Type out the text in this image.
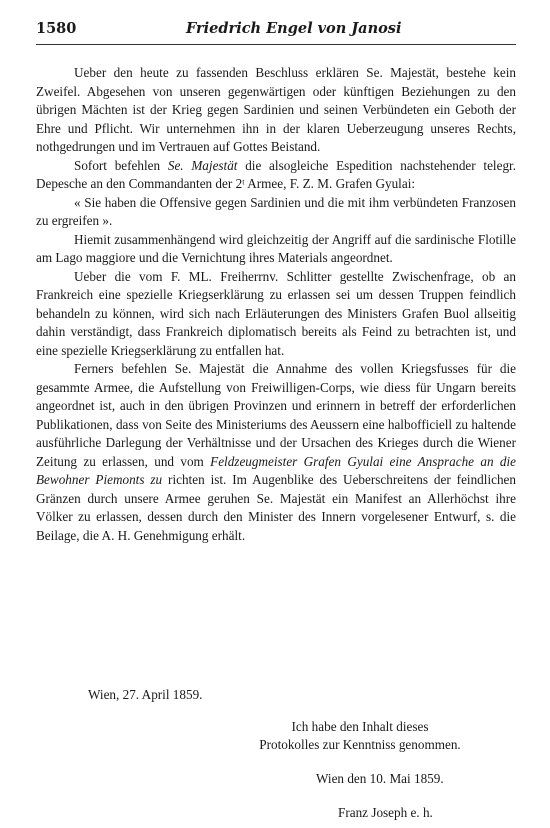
1580	Friedrich Engel von Janosi

Ueber den heute zu fassenden Beschluss erklären Se. Majestät, bestehe kein Zweifel. Abgesehen von unseren gegenwärtigen oder künftigen Beziehungen zu den übrigen Mächten ist der Krieg gegen Sardinien und seinen Verbündeten ein Geboth der Ehre und Pflicht. Wir unternehmen ihn in der klaren Ueberzeugung unseres Rechts, nothgedrungen und im Vertrauen auf Gottes Beistand.

Sofort befehlen Se. Majestät die alsogleiche Espedition nachstehender telegr. Depesche an den Commandanten der 2ᵗ Armee, F. Z. M. Grafen Gyulai:

« Sie haben die Offensive gegen Sardinien und die mit ihm verbündeten Franzosen zu ergreifen ».

Hiemit zusammenhängend wird gleichzeitig der Angriff auf die sardinische Flotille am Lago maggiore und die Vernichtung ihres Materials angeordnet.

Ueber die vom F. ML. Freiherrnv. Schlitter gestellte Zwischenfrage, ob an Frankreich eine spezielle Kriegserklärung zu erlassen sei um dessen Truppen feindlich behandeln zu können, wird sich nach Erläuterungen des Ministers Grafen Buol allseitig dahin verständigt, dass Frankreich diplomatisch bereits als Feind zu betrachten ist, und eine spezielle Kriegserklärung zu entfallen hat.

Ferners befehlen Se. Majestät die Annahme des vollen Kriegsfusses für die gesammte Armee, die Aufstellung von Freiwilligen-Corps, wie diess für Ungarn bereits angeordnet ist, auch in den übrigen Provinzen und erinnern in betreff der erforderlichen Publikationen, dass von Seite des Ministeriums des Aeussern eine halbofficiell zu haltende ausführliche Darlegung der Verhältnisse und der Ursachen des Krieges durch die Wiener Zeitung zu erlassen, und vom Feldzeugmeister Grafen Gyulai eine Ansprache an die Bewohner Piemonts zu richten ist. Im Augenblike des Ueberschreitens der feindlichen Gränzen durch unsere Armee geruhen Se. Majestät ein Manifest an Allerhöchst ihre Völker zu erlassen, dessen durch den Minister des Innern vorgelesener Entwurf, s. die Beilage, die A. H. Genehmigung erhält.

Wien, 27. April 1859.
Ich habe den Inhalt dieses
Protokolles zur Kenntniss genommen.
Wien den 10. Mai 1859.
Franz Joseph e. h.
